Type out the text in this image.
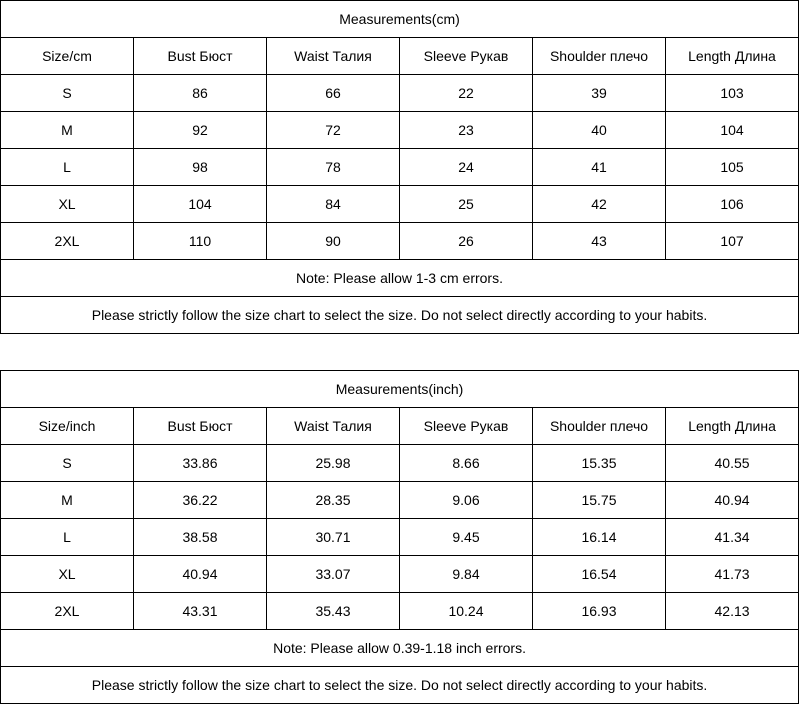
Measurements(cm)					
Size/cm	Bust Бюст	Waist Талия	Sleeve Рукав	Shoulder плечо	Length Длина
S	86	66	22	39	103
M	92	72	23	40	104
L	98	78	24	41	105
XL	104	84	25	42	106
2XL	110	90	26	43	107
Note: Please allow 1-3 cm errors.					
Please strictly follow the size chart to select the size. Do not select directly according to your habits.					
Measurements(inch)					
Size/inch	Bust Бюст	Waist Талия	Sleeve Рукав	Shoulder плечо	Length Длина
S	33.86	25.98	8.66	15.35	40.55
M	36.22	28.35	9.06	15.75	40.94
L	38.58	30.71	9.45	16.14	41.34
XL	40.94	33.07	9.84	16.54	41.73
2XL	43.31	35.43	10.24	16.93	42.13
Note: Please allow 0.39-1.18 inch errors.					
Please strictly follow the size chart to select the size. Do not select directly according to your habits.					
